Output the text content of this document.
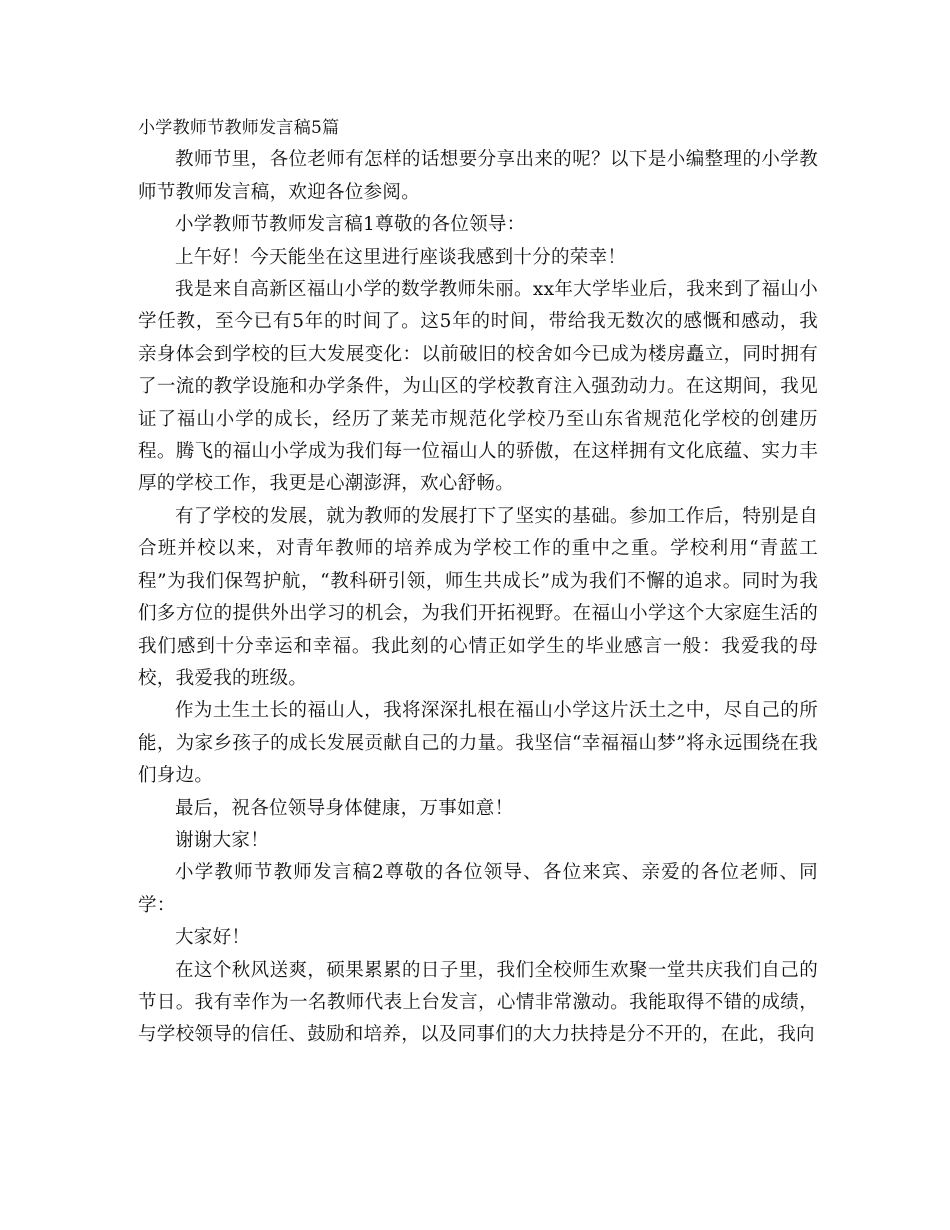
小学教师节教师发言稿5篇

教师节里，各位老师有怎样的话想要分享出来的呢？以下是小编整理的小学教师节教师发言稿，欢迎各位参阅。

小学教师节教师发言稿1尊敬的各位领导：

上午好！今天能坐在这里进行座谈我感到十分的荣幸！

我是来自高新区福山小学的数学教师朱丽。xx年大学毕业后，我来到了福山小学任教，至今已有5年的时间了。这5年的时间，带给我无数次的感慨和感动，我亲身体会到学校的巨大发展变化：以前破旧的校舍如今已成为楼房矗立，同时拥有了一流的教学设施和办学条件，为山区的学校教育注入强劲动力。在这期间，我见证了福山小学的成长，经历了莱芜市规范化学校乃至山东省规范化学校的创建历程。腾飞的福山小学成为我们每一位福山人的骄傲，在这样拥有文化底蕴、实力丰厚的学校工作，我更是心潮澎湃，欢心舒畅。

有了学校的发展，就为教师的发展打下了坚实的基础。参加工作后，特别是自合班并校以来，对青年教师的培养成为学校工作的重中之重。学校利用“青蓝工程”为我们保驾护航，“教科研引领，师生共成长”成为我们不懈的追求。同时为我们多方位的提供外出学习的机会，为我们开拓视野。在福山小学这个大家庭生活的我们感到十分幸运和幸福。我此刻的心情正如学生的毕业感言一般：我爱我的母校，我爱我的班级。

作为土生土长的福山人，我将深深扎根在福山小学这片沃土之中，尽自己的所能，为家乡孩子的成长发展贡献自己的力量。我坚信“幸福福山梦”将永远围绕在我们身边。

最后，祝各位领导身体健康，万事如意！

谢谢大家！

小学教师节教师发言稿2尊敬的各位领导、各位来宾、亲爱的各位老师、同学：

大家好！

在这个秋风送爽，硕果累累的日子里，我们全校师生欢聚一堂共庆我们自己的节日。我有幸作为一名教师代表上台发言，心情非常激动。我能取得不错的成绩，与学校领导的信任、鼓励和培养，以及同事们的大力扶持是分不开的，在此，我向
